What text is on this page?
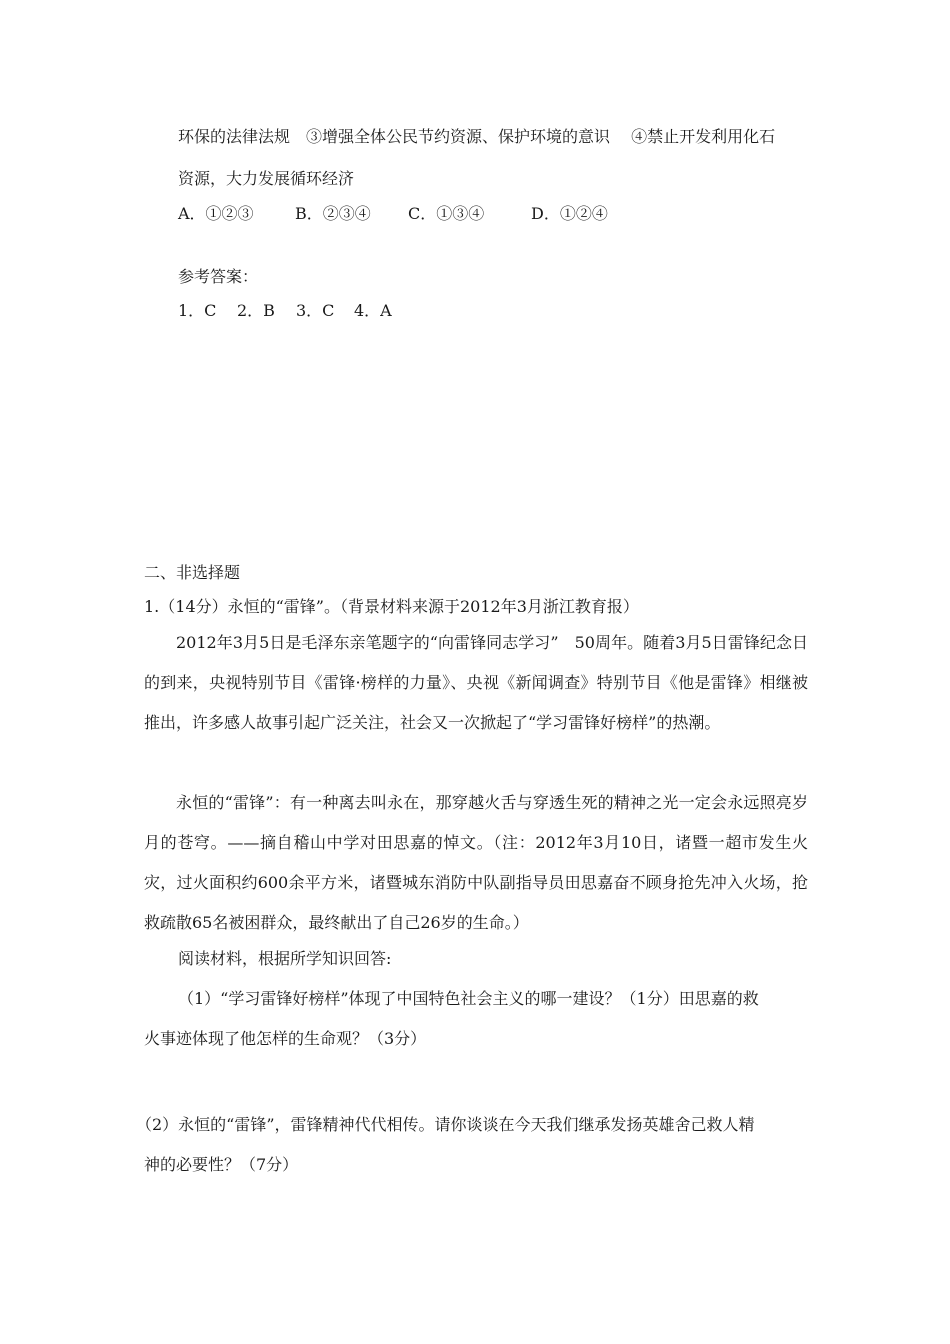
环保的法律法规　③增强全体公民节约资源、保护环境的意识　 ④禁止开发利用化石
资源，大力发展循环经济
A．①②③	B．②③④ C．①③④	D．①②④
参考答案：
1．C 2．B 3．C 4．A
二、非选择题
1.（14分）永恒的“雷锋”。（背景材料来源于2012年3月浙江教育报）
2012年3月5日是毛泽东亲笔题字的“向雷锋同志学习”　50周年。随着3月5日雷锋纪念日的到来，央视特别节目《雷锋·榜样的力量》、央视《新闻调查》特别节目《他是雷锋》相继被推出，许多感人故事引起广泛关注，社会又一次掀起了“学习雷锋好榜样”的热潮。
永恒的“雷锋”：有一种离去叫永在，那穿越火舌与穿透生死的精神之光一定会永远照亮岁月的苍穹。——摘自稽山中学对田思嘉的悼文。（注：2012年3月10日，诸暨一超市发生火灾，过火面积约600余平方米，诸暨城东消防中队副指导员田思嘉奋不顾身抢先冲入火场，抢救疏散65名被困群众，最终献出了自己26岁的生命。）
阅读材料，根据所学知识回答:
（1）“学习雷锋好榜样”体现了中国特色社会主义的哪一建设？（1分）田思嘉的救
火事迹体现了他怎样的生命观？（3分）
（2）永恒的“雷锋”，雷锋精神代代相传。请你谈谈在今天我们继承发扬英雄舍己救人精
神的必要性？（7分）
